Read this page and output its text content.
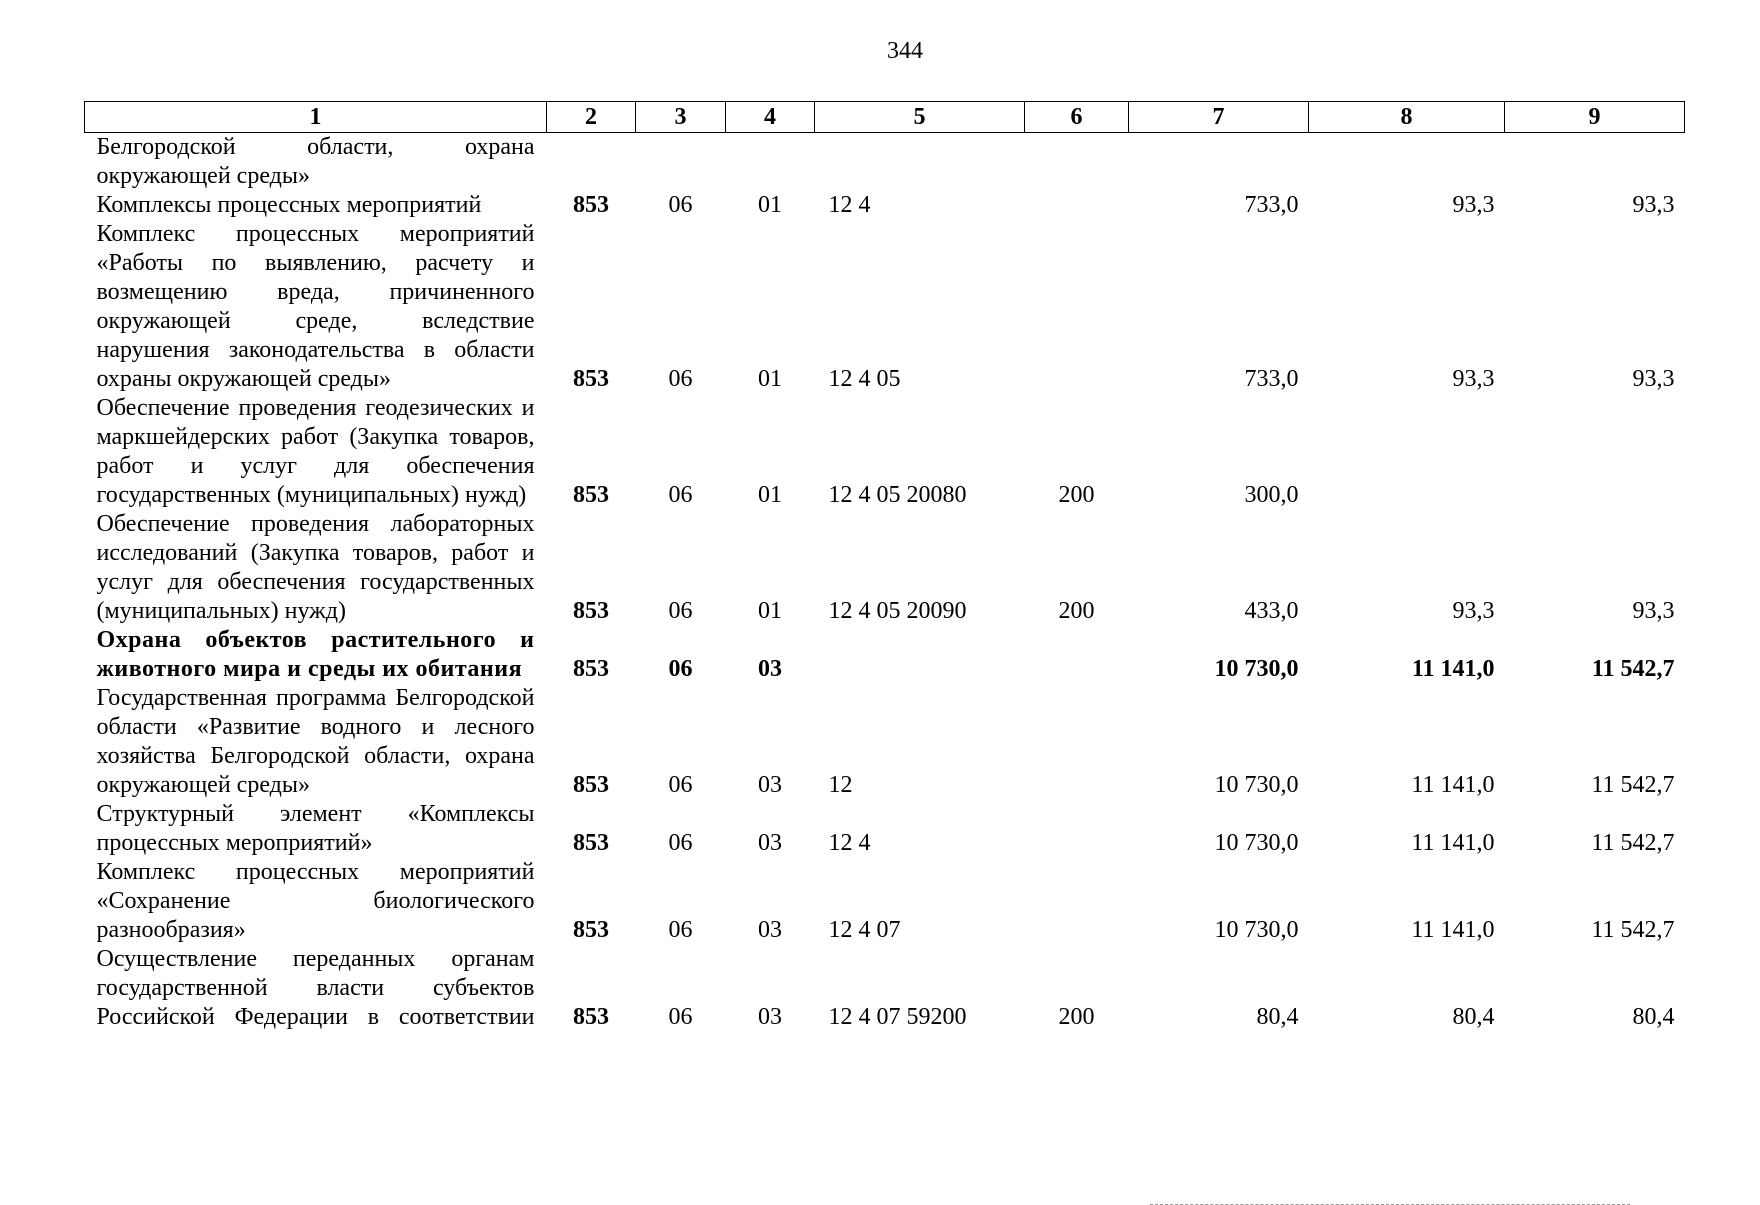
344
1	2	3	4	5	6	7	8	9
Белгородской области, охрана окружающей среды»								
Комплексы процессных мероприятий	853	06	01	12 4		733,0	93,3	93,3
Комплекс процессных мероприятий «Работы по выявлению, расчету и возмещению вреда, причиненного окружающей среде, вследствие нарушения законодательства в области охраны окружающей среды»	853	06	01	12 4 05		733,0	93,3	93,3
Обеспечение проведения геодезических и маркшейдерских работ (Закупка товаров, работ и услуг для обеспечения государственных (муниципальных) нужд)	853	06	01	12 4 05 20080	200	300,0		
Обеспечение проведения лабораторных исследований (Закупка товаров, работ и услуг для обеспечения государственных (муниципальных) нужд)	853	06	01	12 4 05 20090	200	433,0	93,3	93,3
Охрана объектов растительного и животного мира и среды их обитания	853	06	03			10 730,0	11 141,0	11 542,7
Государственная программа Белгородской области «Развитие водного и лесного хозяйства Белгородской области, охрана окружающей среды»	853	06	03	12		10 730,0	11 141,0	11 542,7
Структурный элемент «Комплексы процессных мероприятий»	853	06	03	12 4		10 730,0	11 141,0	11 542,7
Комплекс процессных мероприятий «Сохранение биологического разнообразия»	853	06	03	12 4 07		10 730,0	11 141,0	11 542,7
Осуществление переданных органам государственной власти субъектов Российской Федерации в соответствии	853	06	03	12 4 07 59200	200	80,4	80,4	80,4
